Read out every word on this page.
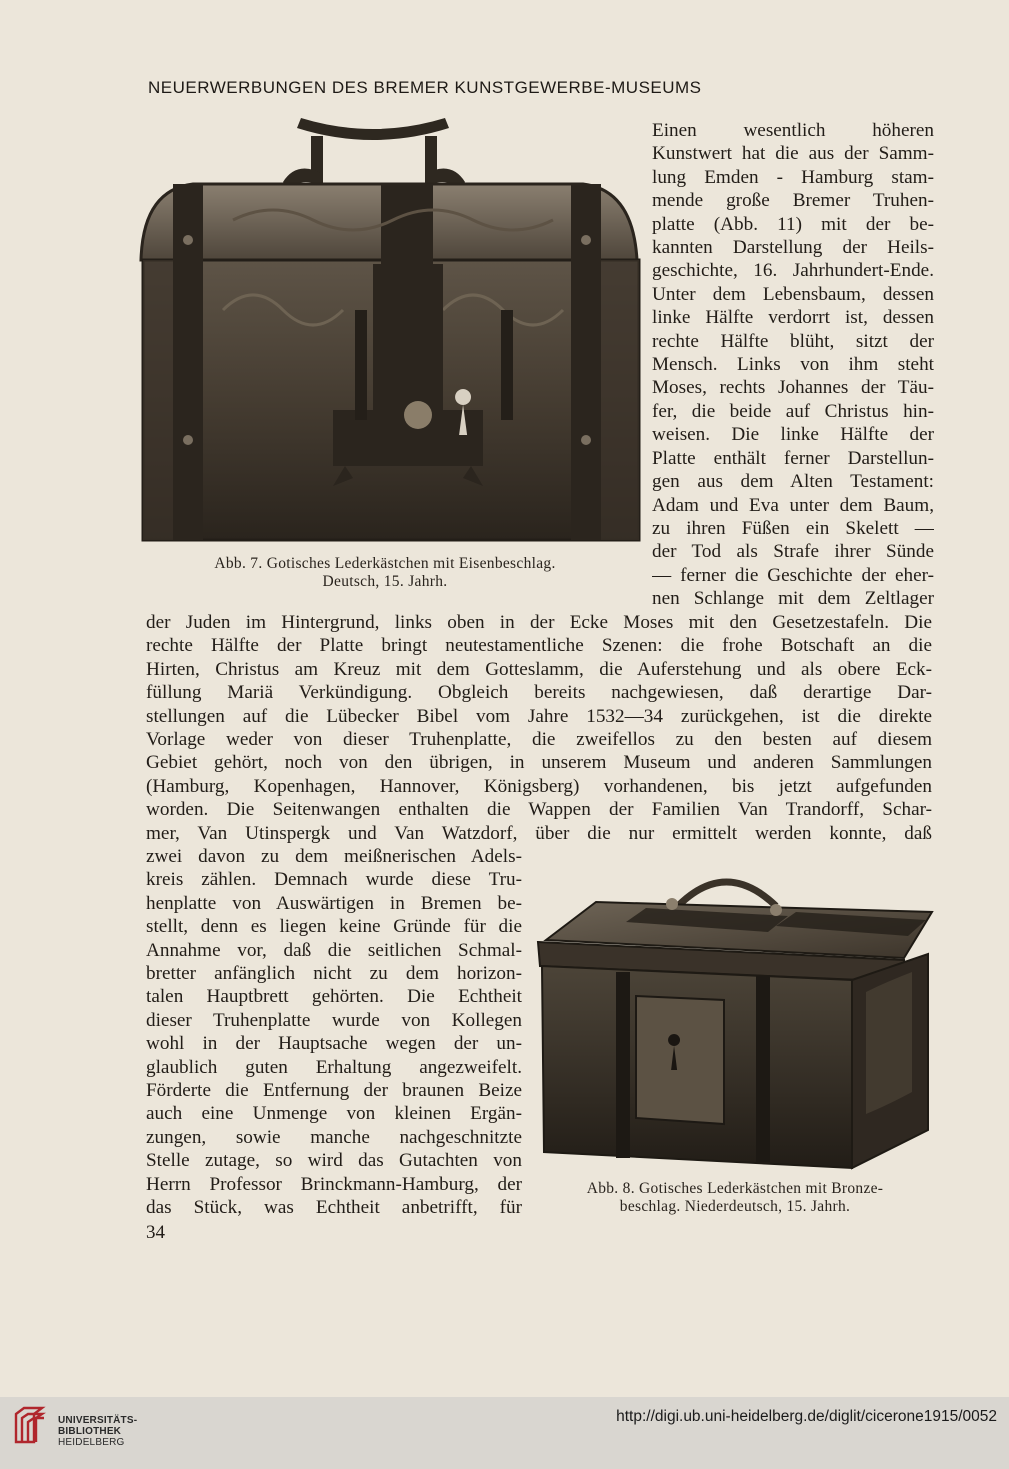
NEUERWERBUNGEN DES BREMER KUNSTGEWERBE-MUSEUMS
Abb. 7. Gotisches Lederkästchen mit Eisenbeschlag.
Deutsch, 15. Jahrh.
Einen wesentlich höheren
Kunstwert hat die aus der Samm-
lung Emden - Hamburg stam-
mende große Bremer Truhen-
platte (Abb. 11) mit der be-
kannten Darstellung der Heils-
geschichte, 16. Jahrhundert-Ende.
Unter dem Lebensbaum, dessen
linke Hälfte verdorrt ist, dessen
rechte Hälfte blüht, sitzt der
Mensch. Links von ihm steht
Moses, rechts Johannes der Täu-
fer, die beide auf Christus hin-
weisen. Die linke Hälfte der
Platte enthält ferner Darstellun-
gen aus dem Alten Testament:
Adam und Eva unter dem Baum,
zu ihren Füßen ein Skelett —
der Tod als Strafe ihrer Sünde
— ferner die Geschichte der eher-
nen Schlange mit dem Zeltlager
der Juden im Hintergrund, links oben in der Ecke Moses mit den Gesetzestafeln. Die
rechte Hälfte der Platte bringt neutestamentliche Szenen: die frohe Botschaft an die
Hirten, Christus am Kreuz mit dem Gotteslamm, die Auferstehung und als obere Eck-
füllung Mariä Verkündigung. Obgleich bereits nachgewiesen, daß derartige Dar-
stellungen auf die Lübecker Bibel vom Jahre 1532—34 zurückgehen, ist die direkte
Vorlage weder von dieser Truhenplatte, die zweifellos zu den besten auf diesem
Gebiet gehört, noch von den übrigen, in unserem Museum und anderen Sammlungen
(Hamburg, Kopenhagen, Hannover, Königsberg) vorhandenen, bis jetzt aufgefunden
worden. Die Seitenwangen enthalten die Wappen der Familien Van Trandorff, Schar-
mer, Van Utinspergk und Van Watzdorf, über die nur ermittelt werden konnte, daß
zwei davon zu dem meißnerischen Adels-
kreis zählen. Demnach wurde diese Tru-
henplatte von Auswärtigen in Bremen be-
stellt, denn es liegen keine Gründe für die
Annahme vor, daß die seitlichen Schmal-
bretter anfänglich nicht zu dem horizon-
talen Hauptbrett gehörten. Die Echtheit
dieser Truhenplatte wurde von Kollegen
wohl in der Hauptsache wegen der un-
glaublich guten Erhaltung angezweifelt.
Förderte die Entfernung der braunen Beize
auch eine Unmenge von kleinen Ergän-
zungen, sowie manche nachgeschnitzte
Stelle zutage, so wird das Gutachten von
Herrn Professor Brinckmann-Hamburg, der
das Stück, was Echtheit anbetrifft, für
Abb. 8. Gotisches Lederkästchen mit Bronze-
beschlag. Niederdeutsch, 15. Jahrh.
34
UNIVERSITÄTS-
BIBLIOTHEK
HEIDELBERG
http://digi.ub.uni-heidelberg.de/diglit/cicerone1915/0052
